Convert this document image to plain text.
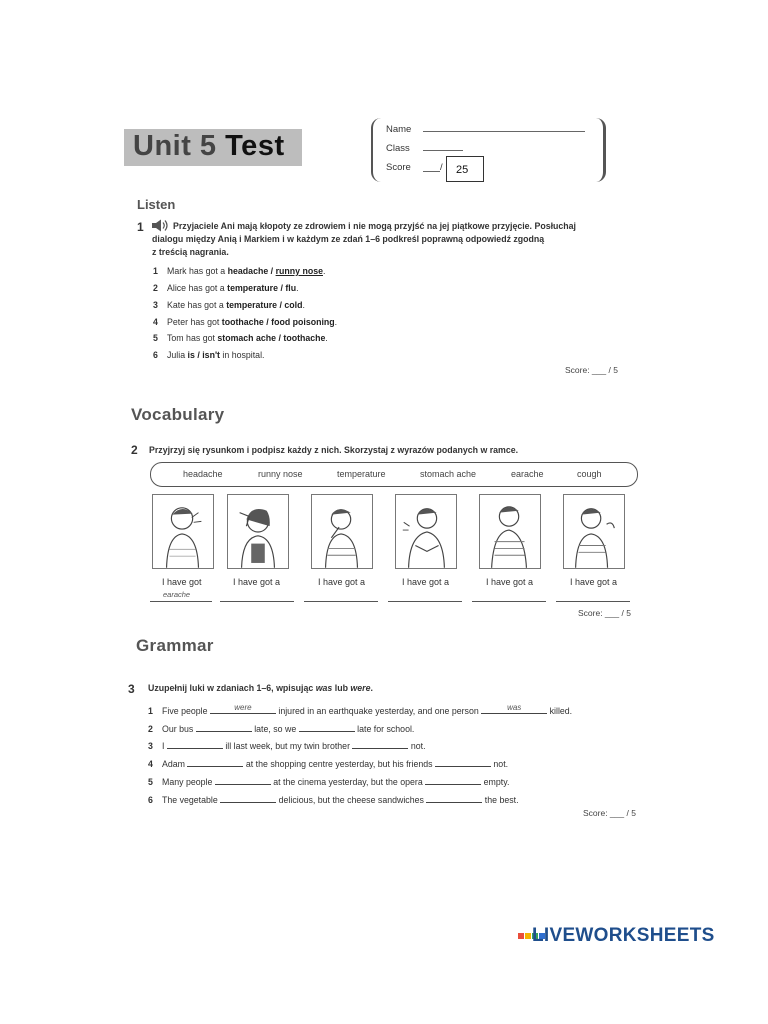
Unit 5 Test
Name
Class
Score	/	25
Listen
1	Przyjaciele Ani mają kłopoty ze zdrowiem i nie mogą przyjść na jej piątkowe przyjęcie. Posłuchaj
dialogu między Anią i Markiem i w każdym ze zdań 1–6 podkreśl poprawną odpowiedź zgodną
z treścią nagrania.
1 Mark has got a headache / runny nose.
2 Alice has got a temperature / flu.
3 Kate has got a temperature / cold.
4 Peter has got toothache / food poisoning.
5 Tom has got stomach ache / toothache.
6 Julia is / isn't in hospital.
Score: ___ / 5
Vocabulary
2 Przyjrzyj się rysunkom i podpisz każdy z nich. Skorzystaj z wyrazów podanych w ramce.
headache	runny nose	temperature	stomach ache	earache	cough
I have got	I have got a	I have got a	I have got a	I have got a	I have got a
earache
Score: ___ / 5
Grammar
3 Uzupełnij luki w zdaniach 1–6, wpisując was lub were.
1 Five people	were	injured in an earthquake yesterday, and one person	was	killed.
2 Our bus	late, so we	late for school.
3 I	ill last week, but my twin brother	not.
4 Adam	at the shopping centre yesterday, but his friends	not.
5 Many people	at the cinema yesterday, but the opera	empty.
6 The vegetable	delicious, but the cheese sandwiches	the best.
Score: ___ / 5
LIVEWORKSHEETS
